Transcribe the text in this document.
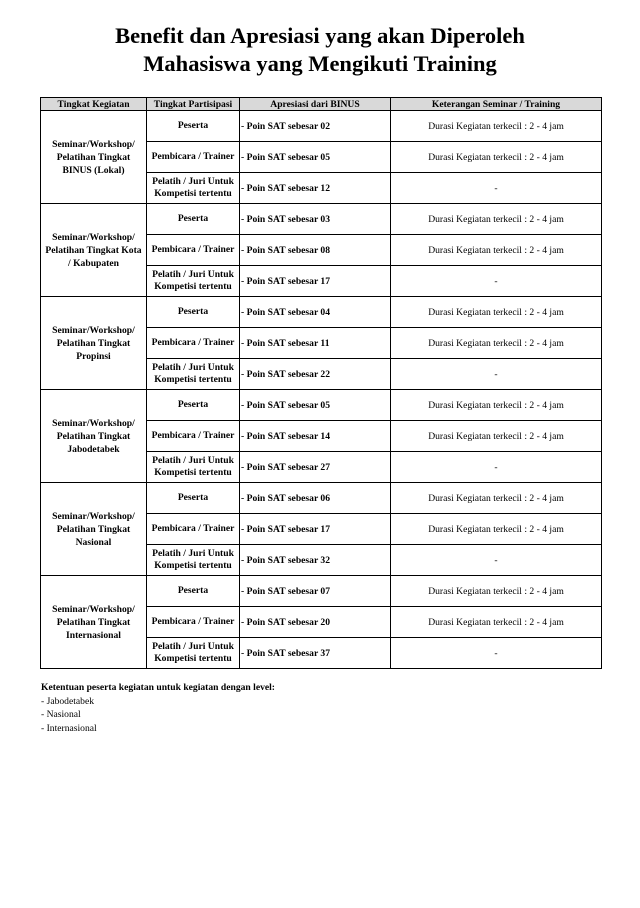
Benefit dan Apresiasi yang akan Diperoleh
Mahasiswa yang Mengikuti Training
Tingkat Kegiatan	Tingkat Partisipasi	Apresiasi dari BINUS	Keterangan Seminar / Training
Seminar/Workshop/ Pelatihan Tingkat BINUS (Lokal)	Peserta	- Poin SAT sebesar 02	Durasi Kegiatan terkecil : 2 - 4 jam
	Pembicara / Trainer	- Poin SAT sebesar 05	Durasi Kegiatan terkecil : 2 - 4 jam
	Pelatih / Juri Untuk Kompetisi tertentu	- Poin SAT sebesar 12	-
Seminar/Workshop/ Pelatihan Tingkat Kota / Kabupaten	Peserta	- Poin SAT sebesar 03	Durasi Kegiatan terkecil : 2 - 4 jam
	Pembicara / Trainer	- Poin SAT sebesar 08	Durasi Kegiatan terkecil : 2 - 4 jam
	Pelatih / Juri Untuk Kompetisi tertentu	- Poin SAT sebesar 17	-
Seminar/Workshop/ Pelatihan Tingkat Propinsi	Peserta	- Poin SAT sebesar 04	Durasi Kegiatan terkecil : 2 - 4 jam
	Pembicara / Trainer	- Poin SAT sebesar 11	Durasi Kegiatan terkecil : 2 - 4 jam
	Pelatih / Juri Untuk Kompetisi tertentu	- Poin SAT sebesar 22	-
Seminar/Workshop/ Pelatihan Tingkat Jabodetabek	Peserta	- Poin SAT sebesar 05	Durasi Kegiatan terkecil : 2 - 4 jam
	Pembicara / Trainer	- Poin SAT sebesar 14	Durasi Kegiatan terkecil : 2 - 4 jam
	Pelatih / Juri Untuk Kompetisi tertentu	- Poin SAT sebesar 27	-
Seminar/Workshop/ Pelatihan Tingkat Nasional	Peserta	- Poin SAT sebesar 06	Durasi Kegiatan terkecil : 2 - 4 jam
	Pembicara / Trainer	- Poin SAT sebesar 17	Durasi Kegiatan terkecil : 2 - 4 jam
	Pelatih / Juri Untuk Kompetisi tertentu	- Poin SAT sebesar 32	-
Seminar/Workshop/ Pelatihan Tingkat Internasional	Peserta	- Poin SAT sebesar 07	Durasi Kegiatan terkecil : 2 - 4 jam
	Pembicara / Trainer	- Poin SAT sebesar 20	Durasi Kegiatan terkecil : 2 - 4 jam
	Pelatih / Juri Untuk Kompetisi tertentu	- Poin SAT sebesar 37	-
Ketentuan peserta kegiatan untuk kegiatan dengan level:
- Jabodetabek
- Nasional
- Internasional
